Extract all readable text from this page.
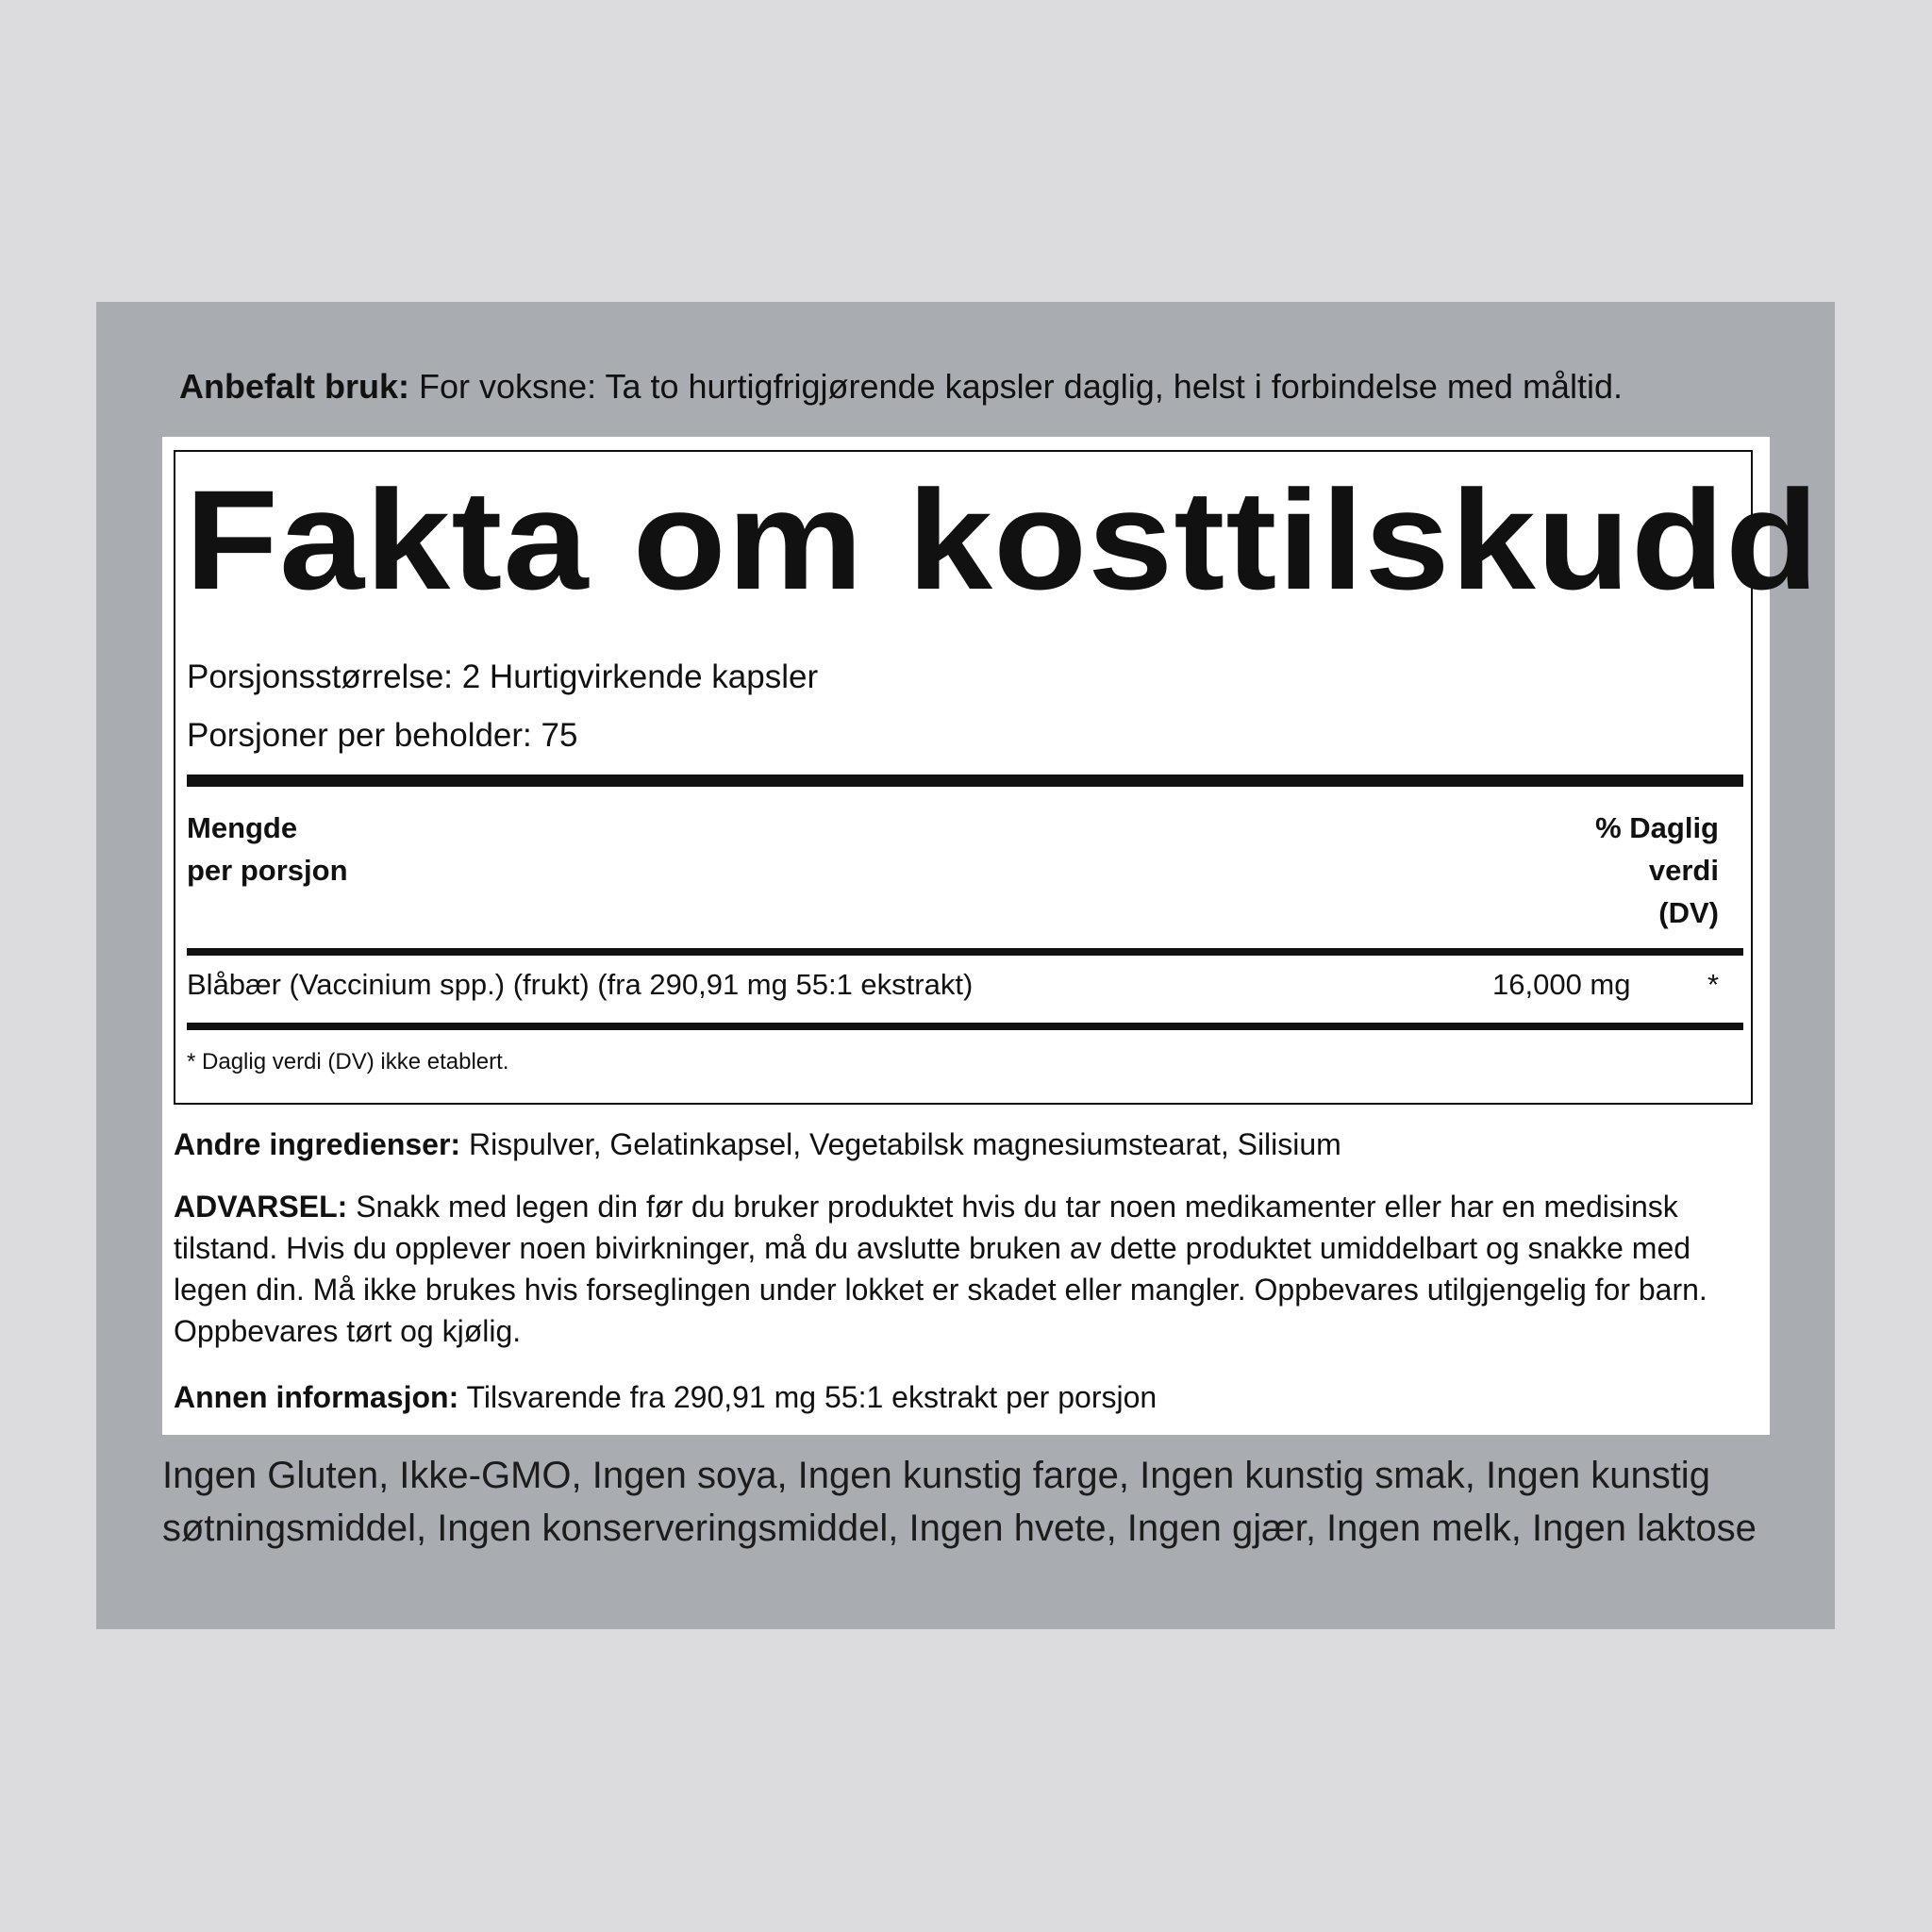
Anbefalt bruk: For voksne: Ta to hurtigfrigjørende kapsler daglig, helst i forbindelse med måltid.
Fakta om kosttilskudd
Porsjonsstørrelse: 2 Hurtigvirkende kapsler
Porsjoner per beholder: 75
Mengde
per porsjon
% Daglig
verdi
(DV)
Blåbær (Vaccinium spp.) (frukt) (fra 290,91 mg 55:1 ekstrakt)	16,000 mg	*
* Daglig verdi (DV) ikke etablert.
Andre ingredienser: Rispulver, Gelatinkapsel, Vegetabilsk magnesiumstearat, Silisium
ADVARSEL: Snakk med legen din før du bruker produktet hvis du tar noen medikamenter eller har en medisinsk tilstand. Hvis du opplever noen bivirkninger, må du avslutte bruken av dette produktet umiddelbart og snakke med legen din. Må ikke brukes hvis forseglingen under lokket er skadet eller mangler. Oppbevares utilgjengelig for barn. Oppbevares tørt og kjølig.
Annen informasjon: Tilsvarende fra 290,91 mg 55:1 ekstrakt per porsjon
Ingen Gluten, Ikke-GMO, Ingen soya, Ingen kunstig farge, Ingen kunstig smak, Ingen kunstig søtningsmiddel, Ingen konserveringsmiddel, Ingen hvete, Ingen gjær, Ingen melk, Ingen laktose
